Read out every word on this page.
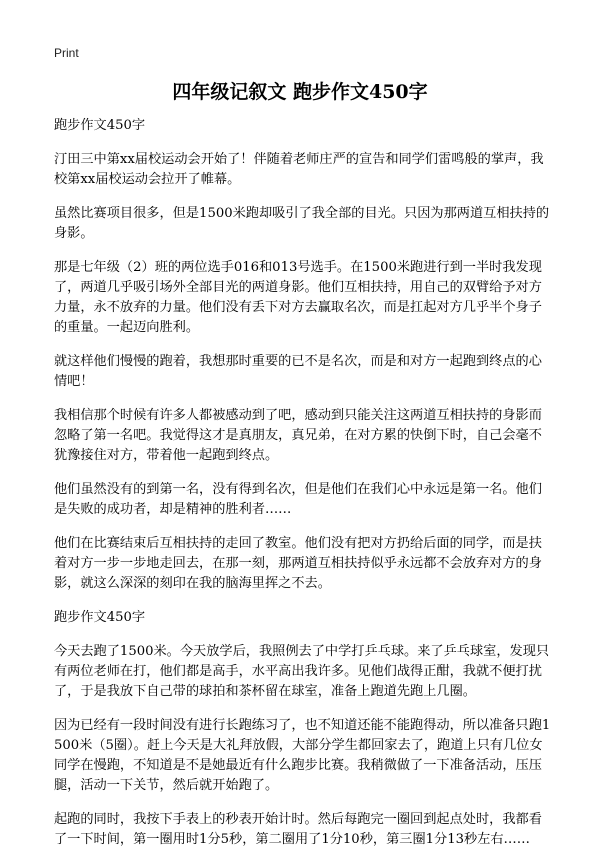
Print
四年级记叙文 跑步作文450字

跑步作文450字

汀田三中第xx届校运动会开始了！伴随着老师庄严的宣告和同学们雷鸣般的掌声，我校第xx届校运动会拉开了帷幕。

虽然比赛项目很多，但是1500米跑却吸引了我全部的目光。只因为那两道互相扶持的身影。

那是七年级（2）班的两位选手016和013号选手。在1500米跑进行到一半时我发现了，两道几乎吸引场外全部目光的两道身影。他们互相扶持，用自己的双臂给予对方力量，永不放弃的力量。他们没有丢下对方去赢取名次，而是扛起对方几乎半个身子的重量。一起迈向胜利。

就这样他们慢慢的跑着，我想那时重要的已不是名次，而是和对方一起跑到终点的心情吧！

我相信那个时候有许多人都被感动到了吧，感动到只能关注这两道互相扶持的身影而忽略了第一名吧。我觉得这才是真朋友，真兄弟，在对方累的快倒下时，自己会毫不犹豫接住对方，带着他一起跑到终点。

他们虽然没有的到第一名，没有得到名次，但是他们在我们心中永远是第一名。他们是失败的成功者，却是精神的胜利者……

他们在比赛结束后互相扶持的走回了教室。他们没有把对方扔给后面的同学，而是扶着对方一步一步地走回去，在那一刻，那两道互相扶持似乎永远都不会放弃对方的身影，就这么深深的刻印在我的脑海里挥之不去。

跑步作文450字

今天去跑了1500米。今天放学后，我照例去了中学打乒乓球。来了乒乓球室，发现只有两位老师在打，他们都是高手，水平高出我许多。见他们战得正酣，我就不便打扰了，于是我放下自己带的球拍和茶杯留在球室，准备上跑道先跑上几圈。

因为已经有一段时间没有进行长跑练习了，也不知道还能不能跑得动，所以准备只跑1500米（5圈）。赶上今天是大礼拜放假，大部分学生都回家去了，跑道上只有几位女同学在慢跑，不知道是不是她最近有什么跑步比赛。我稍微做了一下准备活动，压压腿，活动一下关节，然后就开始跑了。

起跑的同时，我按下手表上的秒表开始计时。然后每跑完一圈回到起点处时，我都看了一下时间，第一圈用时1分5秒，第二圈用了1分10秒，第三圈1分13秒左右……
